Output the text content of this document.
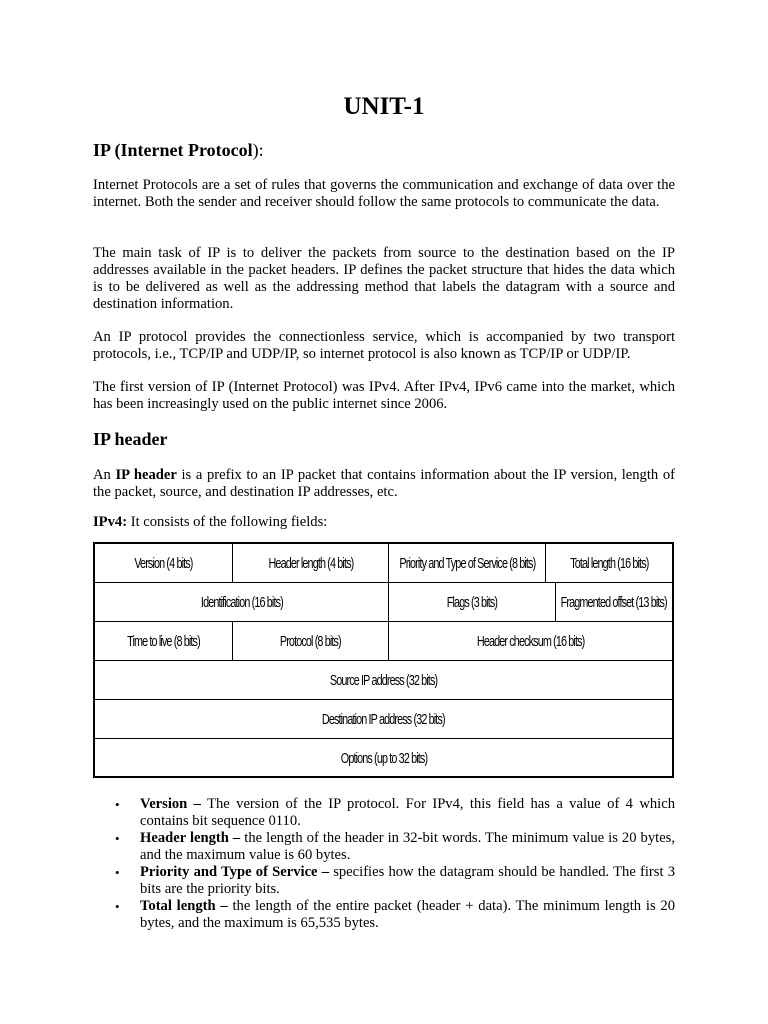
UNIT-1
IP (Internet Protocol):

Internet Protocols are a set of rules that governs the communication and exchange of data over the internet. Both the sender and receiver should follow the same protocols to communicate the data.

The main task of IP is to deliver the packets from source to the destination based on the IP addresses available in the packet headers. IP defines the packet structure that hides the data which is to be delivered as well as the addressing method that labels the datagram with a source and destination information.

An IP protocol provides the connectionless service, which is accompanied by two transport protocols, i.e., TCP/IP and UDP/IP, so internet protocol is also known as TCP/IP or UDP/IP.

The first version of IP (Internet Protocol) was IPv4. After IPv4, IPv6 came into the market, which has been increasingly used on the public internet since 2006.

IP header

An IP header is a prefix to an IP packet that contains information about the IP version, length of the packet, source, and destination IP addresses, etc.

IPv4: It consists of the following fields:

Version (4 bits)	Header length (4 bits)	Priority and Type of Service (8 bits) Total length (16 bits)
Identification (16 bits)	Flags (3 bits)	Fragmented offset (13 bits)
Time to live (8 bits)	Protocol (8 bits)	Header checksum (16 bits)
Source IP address (32 bits)
Destination IP address (32 bits)
Options (up to 32 bits)
• Version – The version of the IP protocol. For IPv4, this field has a value of 4 which contains bit sequence 0110.
• Header length – the length of the header in 32-bit words. The minimum value is 20 bytes, and the maximum value is 60 bytes.
• Priority and Type of Service – specifies how the datagram should be handled. The first 3 bits are the priority bits.
• Total length – the length of the entire packet (header + data). The minimum length is 20 bytes, and the maximum is 65,535 bytes.
